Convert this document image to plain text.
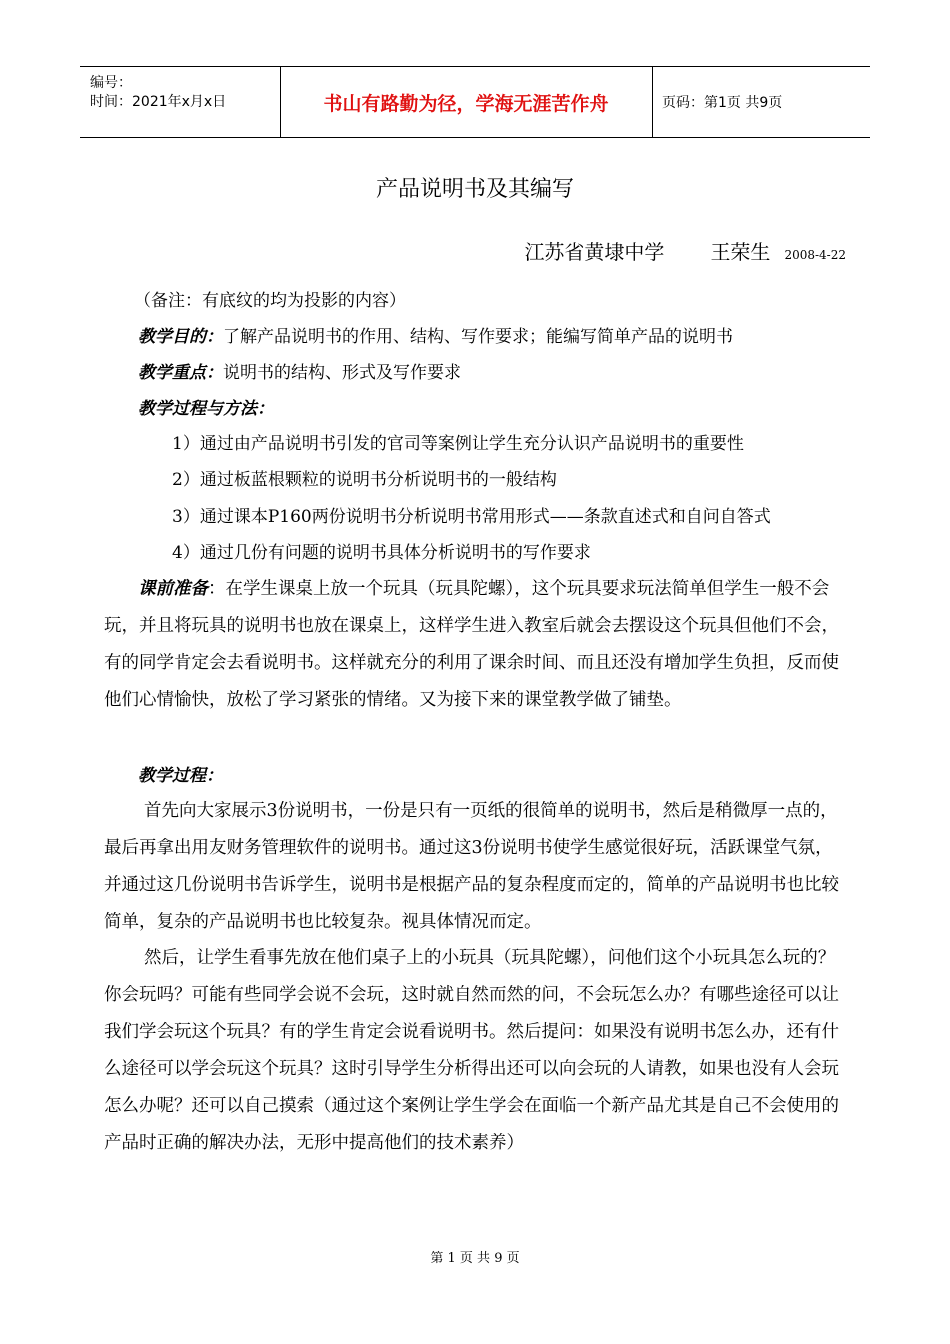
编号：
时间：2021年x月x日	书山有路勤为径，学海无涯苦作舟	页码：第1页 共9页
产品说明书及其编写
江苏省黄埭中学 王荣生 2008-4-22
（备注：有底纹的均为投影的内容）
教学目的：了解产品说明书的作用、结构、写作要求；能编写简单产品的说明书
教学重点：说明书的结构、形式及写作要求
教学过程与方法：
1）通过由产品说明书引发的官司等案例让学生充分认识产品说明书的重要性
2）通过板蓝根颗粒的说明书分析说明书的一般结构
3）通过课本P160两份说明书分析说明书常用形式——条款直述式和自问自答式
4）通过几份有问题的说明书具体分析说明书的写作要求
课前准备：在学生课桌上放一个玩具（玩具陀螺），这个玩具要求玩法简单但学生一般不会玩，并且将玩具的说明书也放在课桌上，这样学生进入教室后就会去摆设这个玩具但他们不会，有的同学肯定会去看说明书。这样就充分的利用了课余时间、而且还没有增加学生负担，反而使他们心情愉快，放松了学习紧张的情绪。又为接下来的课堂教学做了铺垫。
教学过程：
首先向大家展示3份说明书，一份是只有一页纸的很简单的说明书，然后是稍微厚一点的，最后再拿出用友财务管理软件的说明书。通过这3份说明书使学生感觉很好玩，活跃课堂气氛，并通过这几份说明书告诉学生，说明书是根据产品的复杂程度而定的，简单的产品说明书也比较简单，复杂的产品说明书也比较复杂。视具体情况而定。
然后，让学生看事先放在他们桌子上的小玩具（玩具陀螺），问他们这个小玩具怎么玩的？你会玩吗？可能有些同学会说不会玩，这时就自然而然的问，不会玩怎么办？有哪些途径可以让我们学会玩这个玩具？有的学生肯定会说看说明书。然后提问：如果没有说明书怎么办，还有什么途径可以学会玩这个玩具？这时引导学生分析得出还可以向会玩的人请教，如果也没有人会玩怎么办呢？还可以自己摸索（通过这个案例让学生学会在面临一个新产品尤其是自己不会使用的产品时正确的解决办法，无形中提高他们的技术素养）
第 1 页 共 9 页
